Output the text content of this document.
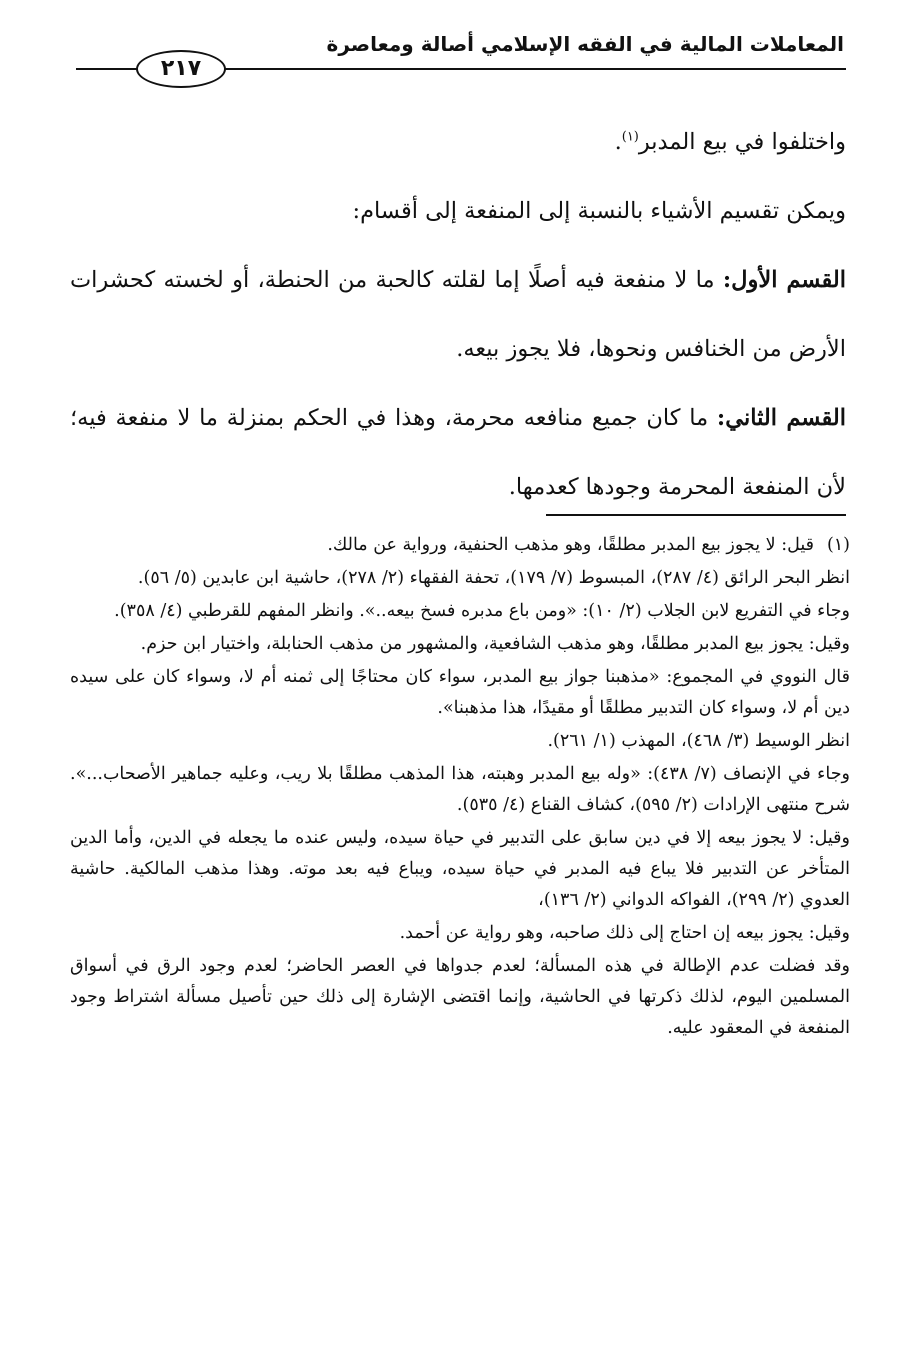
المعاملات المالية في الفقه الإسلامي أصالة ومعاصرة
٢١٧

واختلفوا في بيع المدبر$^{(١)}$.

ويمكن تقسيم الأشياء بالنسبة إلى المنفعة إلى أقسام:

القسم الأول: ما لا منفعة فيه أصلًا إما لقلته كالحبة من الحنطة، أو لخسته كحشرات الأرض من الخنافس ونحوها، فلا يجوز بيعه.

القسم الثاني: ما كان جميع منافعه محرمة، وهذا في الحكم بمنزلة ما لا منفعة فيه؛ لأن المنفعة المحرمة وجودها كعدمها.

(١)قيل: لا يجوز بيع المدبر مطلقًا، وهو مذهب الحنفية، ورواية عن مالك.

انظر البحر الرائق (٤/ ٢٨٧)، المبسوط (٧/ ١٧٩)، تحفة الفقهاء (٢/ ٢٧٨)، حاشية ابن عابدين (٥/ ٥٦).

وجاء في التفريع لابن الجلاب (٢/ ١٠): «ومن باع مدبره فسخ بيعه..». وانظر المفهم للقرطبي (٤/ ٣٥٨).

وقيل: يجوز بيع المدبر مطلقًا، وهو مذهب الشافعية، والمشهور من مذهب الحنابلة، واختيار ابن حزم.

قال النووي في المجموع: «مذهبنا جواز بيع المدبر، سواء كان محتاجًا إلى ثمنه أم لا، وسواء كان على سيده دين أم لا، وسواء كان التدبير مطلقًا أو مقيدًا، هذا مذهبنا».

انظر الوسيط (٣/ ٤٦٨)، المهذب (١/ ٢٦١).

وجاء في الإنصاف (٧/ ٤٣٨): «وله بيع المدبر وهبته، هذا المذهب مطلقًا بلا ريب، وعليه جماهير الأصحاب...». شرح منتهى الإرادات (٢/ ٥٩٥)، كشاف القناع (٤/ ٥٣٥).

وقيل: لا يجوز بيعه إلا في دين سابق على التدبير في حياة سيده، وليس عنده ما يجعله في الدين، وأما الدين المتأخر عن التدبير فلا يباع فيه المدبر في حياة سيده، ويباع فيه بعد موته. وهذا مذهب المالكية. حاشية العدوي (٢/ ٢٩٩)، الفواكه الدواني (٢/ ١٣٦)،

وقيل: يجوز بيعه إن احتاج إلى ذلك صاحبه، وهو رواية عن أحمد.

وقد فضلت عدم الإطالة في هذه المسألة؛ لعدم جدواها في العصر الحاضر؛ لعدم وجود الرق في أسواق المسلمين اليوم، لذلك ذكرتها في الحاشية، وإنما اقتضى الإشارة إلى ذلك حين تأصيل مسألة اشتراط وجود المنفعة في المعقود عليه.
